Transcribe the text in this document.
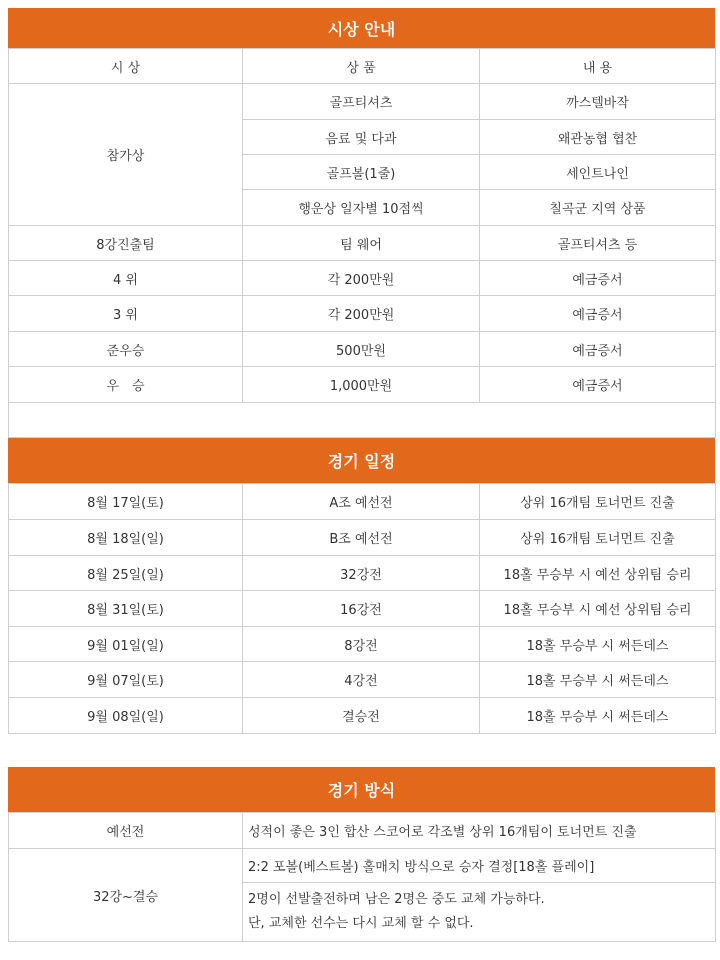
시상 안내
시 상	상 품	내 용
참가상	골프티셔츠	까스텔바작
	음료 및 다과	왜관농협 협찬
	골프볼(1줄)	세인트나인
	행운상 일자별 10점씩	칠곡군 지역 상품
8강진출팀	팀 웨어	골프티셔츠 등
4 위	각 200만원	예금증서
3 위	각 200만원	예금증서
준우승	500만원	예금증서
우　승	1,000만원	예금증서

경기 일정
8월 17일(토)	A조 예선전	상위 16개팀 토너먼트 진출
8월 18일(일)	B조 예선전	상위 16개팀 토너먼트 진출
8월 25일(일)	32강전	18홀 무승부 시 예선 상위팀 승리
8월 31일(토)	16강전	18홀 무승부 시 예선 상위팀 승리
9월 01일(일)	8강전	18홀 무승부 시 써든데스
9월 07일(토)	4강전	18홀 무승부 시 써든데스
9월 08일(일)	결승전	18홀 무승부 시 써든데스
경기 방식
예선전	성적이 좋은 3인 합산 스코어로 각조별 상위 16개팀이 토너먼트 진출
32강~결승	2:2 포볼(베스트볼) 홀매치 방식으로 승자 결정[18홀 플레이]

	2명이 선발출전하며 남은 2명은 중도 교체 가능하다.
단, 교체한 선수는 다시 교체 할 수 없다.
